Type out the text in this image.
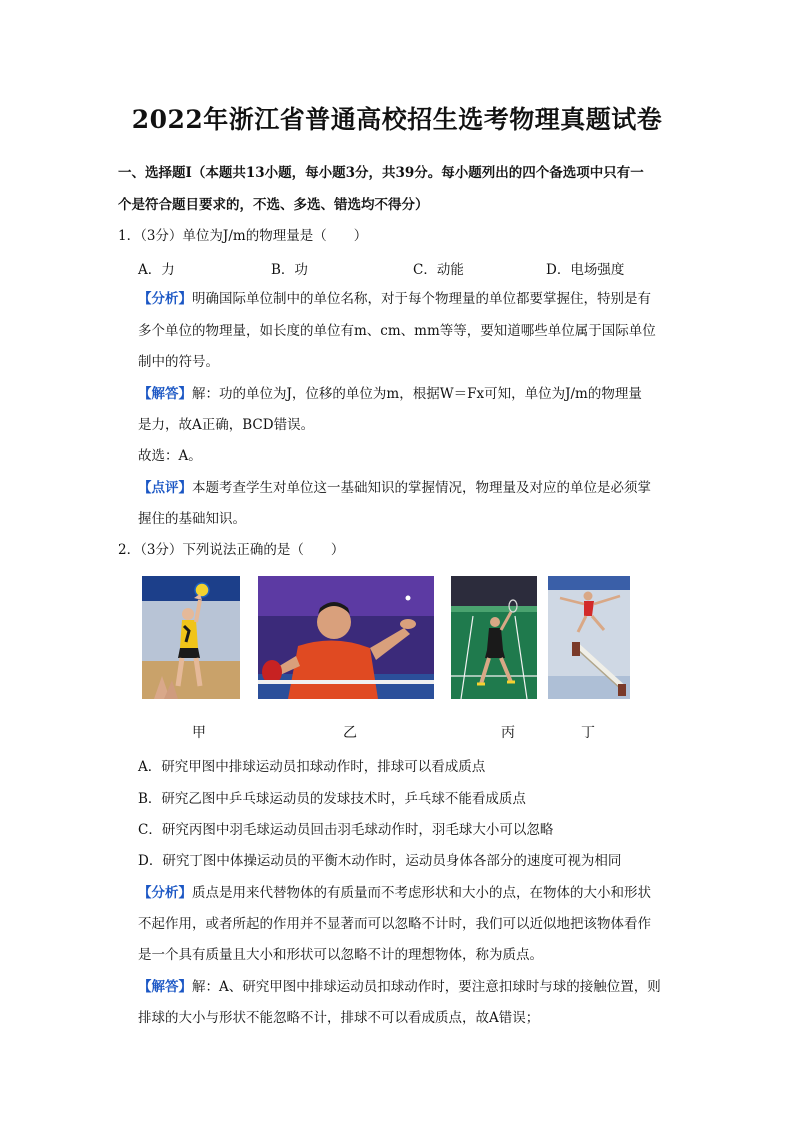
2022年浙江省普通高校招生选考物理真题试卷
一、选择题Ⅰ（本题共13小题，每小题3分，共39分。每小题列出的四个备选项中只有一
个是符合题目要求的，不选、多选、错选均不得分）
1．（3分）单位为J/m的物理量是（　　）
A．力	B．功	C．动能	D．电场强度
【分析】明确国际单位制中的单位名称，对于每个物理量的单位都要掌握住，特别是有
多个单位的物理量，如长度的单位有m、cm、mm等等，要知道哪些单位属于国际单位
制中的符号。
【解答】解：功的单位为J，位移的单位为m，根据W＝Fx可知，单位为J/m的物理量
是力，故A正确，BCD错误。
故选：A。
【点评】本题考查学生对单位这一基础知识的掌握情况，物理量及对应的单位是必须掌
握住的基础知识。
2．（3分）下列说法正确的是（　　）
甲	乙	丙	丁
A．研究甲图中排球运动员扣球动作时，排球可以看成质点
B．研究乙图中乒乓球运动员的发球技术时，乒乓球不能看成质点
C．研究丙图中羽毛球运动员回击羽毛球动作时，羽毛球大小可以忽略
D．研究丁图中体操运动员的平衡木动作时，运动员身体各部分的速度可视为相同
【分析】质点是用来代替物体的有质量而不考虑形状和大小的点，在物体的大小和形状
不起作用，或者所起的作用并不显著而可以忽略不计时，我们可以近似地把该物体看作
是一个具有质量且大小和形状可以忽略不计的理想物体，称为质点。
【解答】解：A、研究甲图中排球运动员扣球动作时，要注意扣球时与球的接触位置，则
排球的大小与形状不能忽略不计，排球不可以看成质点，故A错误；
